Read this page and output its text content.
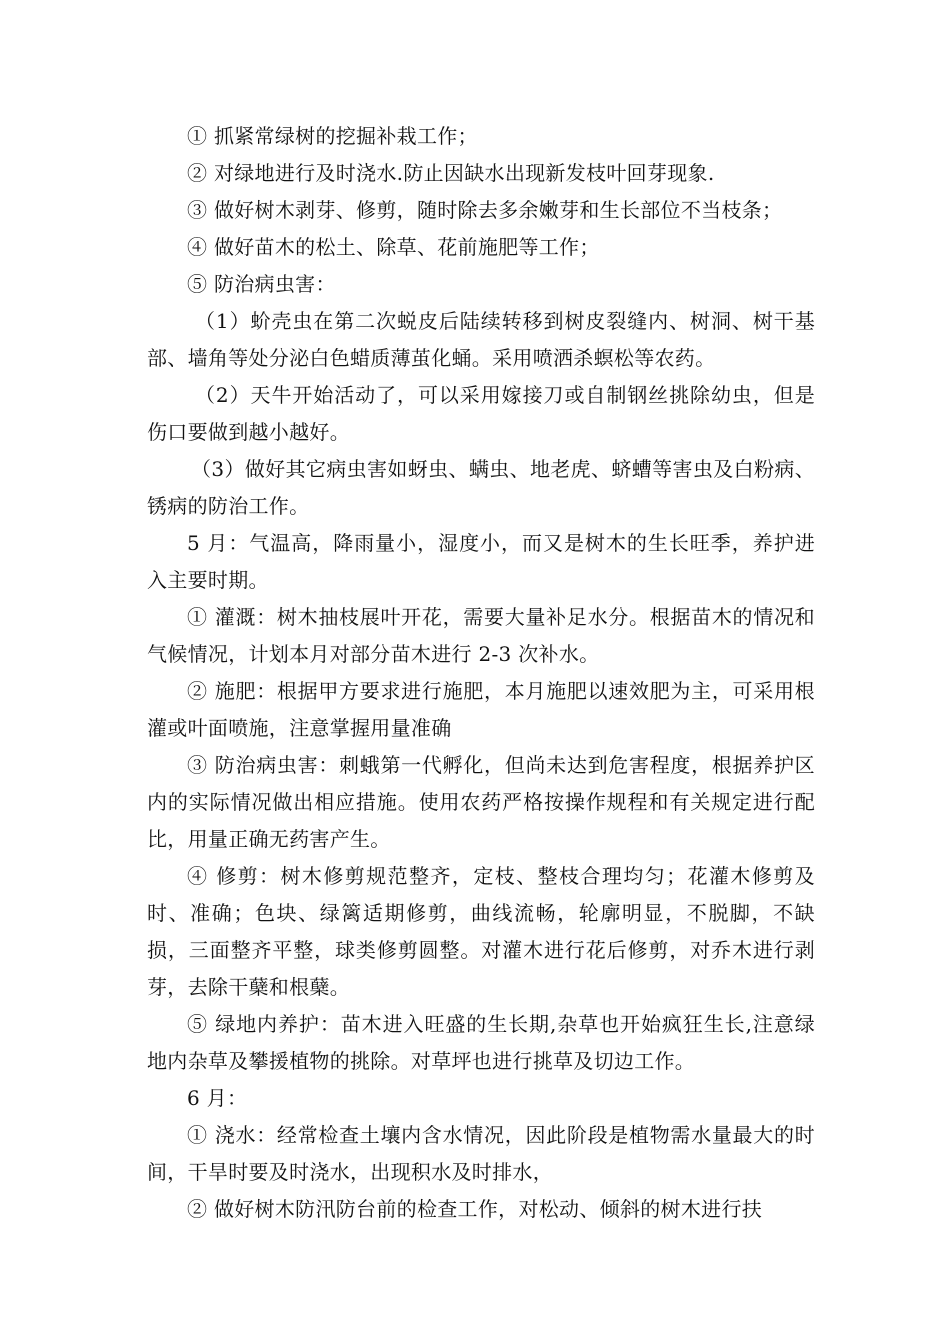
① 抓紧常绿树的挖掘补栽工作；

② 对绿地进行及时浇水.防止因缺水出现新发枝叶回芽现象.

③ 做好树木剥芽、修剪，随时除去多余嫩芽和生长部位不当枝条；

④ 做好苗木的松土、除草、花前施肥等工作；

⑤ 防治病虫害：

（1）蚧壳虫在第二次蜕皮后陆续转移到树皮裂缝内、树洞、树干基部、墙角等处分泌白色蜡质薄茧化蛹。采用喷洒杀螟松等农药。

（2）天牛开始活动了，可以采用嫁接刀或自制钢丝挑除幼虫，但是伤口要做到越小越好。

（3）做好其它病虫害如蚜虫、螨虫、地老虎、蛴螬等害虫及白粉病、锈病的防治工作。

5 月：气温高，降雨量小，湿度小，而又是树木的生长旺季，养护进入主要时期。

① 灌溉：树木抽枝展叶开花，需要大量补足水分。根据苗木的情况和气候情况，计划本月对部分苗木进行 2-3 次补水。

② 施肥：根据甲方要求进行施肥，本月施肥以速效肥为主，可采用根灌或叶面喷施，注意掌握用量准确

③ 防治病虫害：刺蛾第一代孵化，但尚未达到危害程度，根据养护区内的实际情况做出相应措施。使用农药严格按操作规程和有关规定进行配比，用量正确无药害产生。

④ 修剪：树木修剪规范整齐，定枝、整枝合理均匀；花灌木修剪及时、准确；色块、绿篱适期修剪，曲线流畅，轮廓明显，不脱脚，不缺损，三面整齐平整，球类修剪圆整。对灌木进行花后修剪，对乔木进行剥芽，去除干蘖和根蘖。

⑤ 绿地内养护：苗木进入旺盛的生长期,杂草也开始疯狂生长,注意绿地内杂草及攀援植物的挑除。对草坪也进行挑草及切边工作。

6 月：

① 浇水：经常检查土壤内含水情况，因此阶段是植物需水量最大的时间，干旱时要及时浇水，出现积水及时排水，

② 做好树木防汛防台前的检查工作，对松动、倾斜的树木进行扶
